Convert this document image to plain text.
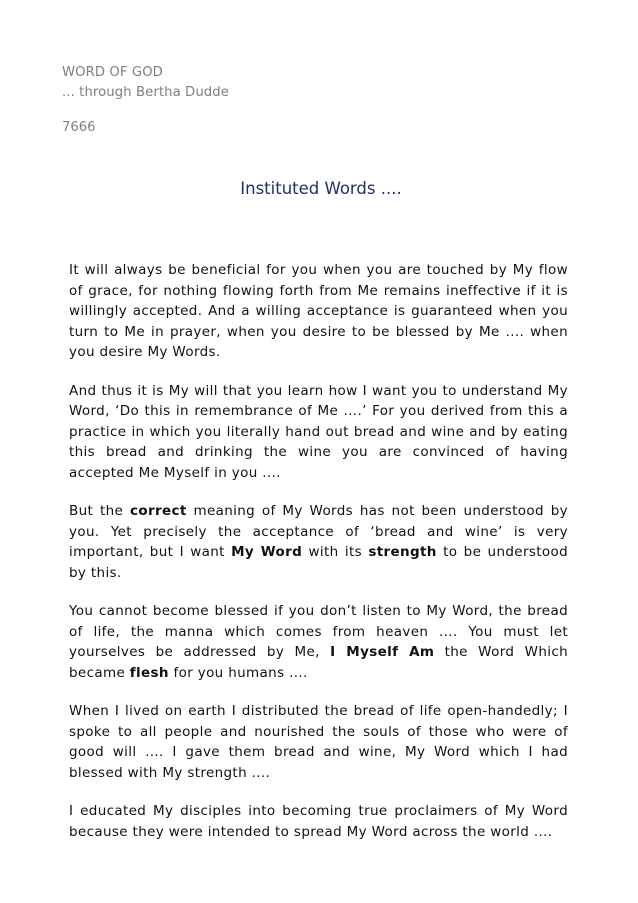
WORD OF GOD
... through Bertha Dudde
7666
Instituted Words ....

It will always be beneficial for you when you are touched by My flow of grace, for nothing flowing forth from Me remains ineffective if it is willingly accepted. And a willing acceptance is guaranteed when you turn to Me in prayer, when you desire to be blessed by Me .... when you desire My Words.

And thus it is My will that you learn how I want you to understand My Word, ‘Do this in remembrance of Me ....’ For you derived from this a practice in which you literally hand out bread and wine and by eating this bread and drinking the wine you are convinced of having accepted Me Myself in you ....

But the correct meaning of My Words has not been understood by you. Yet precisely the acceptance of ‘bread and wine’ is very important, but I want My Word with its strength to be understood by this.

You cannot become blessed if you don’t listen to My Word, the bread of life, the manna which comes from heaven .... You must let yourselves be addressed by Me, I Myself Am the Word Which became flesh for you humans ....

When I lived on earth I distributed the bread of life open-handedly; I spoke to all people and nourished the souls of those who were of good will .... I gave them bread and wine, My Word which I had blessed with My strength ....

I educated My disciples into becoming true proclaimers of My Word because they were intended to spread My Word across the world ....
